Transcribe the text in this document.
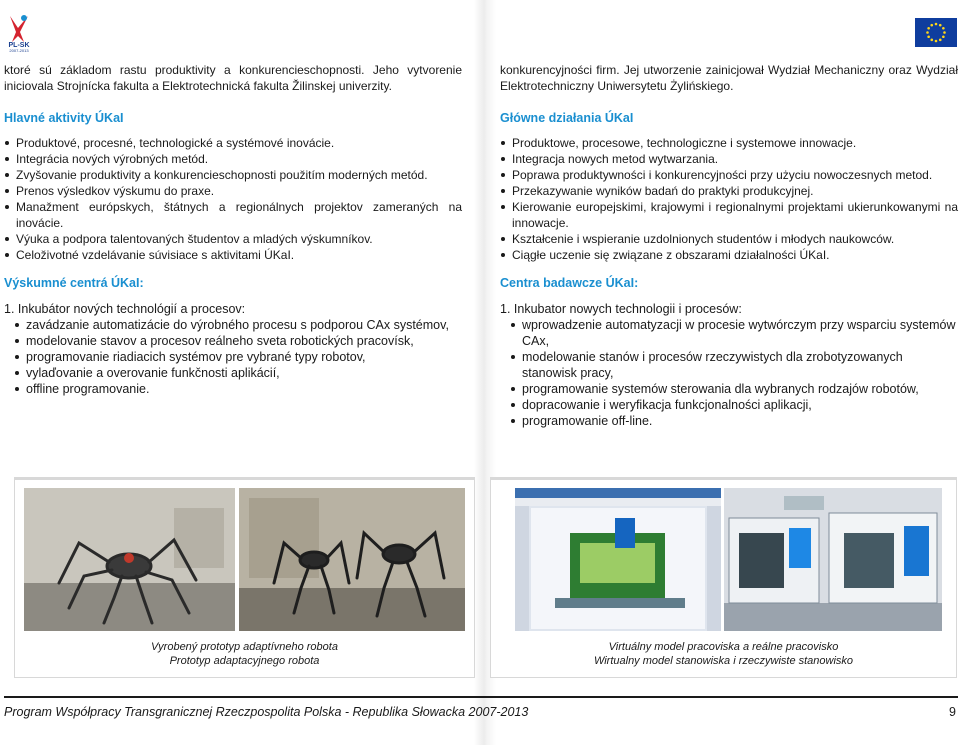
PL-SK
2007-2013

ktoré sú základom rastu produktivity a konkurencieschopnosti. Jeho vytvorenie iniciovala Strojnícka fakulta a Elektrotechnická fakulta Žilinskej univerzity.

Hlavné aktivity ÚKaI

Produktové, procesné, technologické a systémové inovácie.
Integrácia nových výrobných metód.
Zvyšovanie produktivity a konkurencieschopnosti použitím moderných metód.
Prenos výsledkov výskumu do praxe.
Manažment európskych, štátnych a regionálnych projektov zameraných na inovácie.
Výuka a podpora talentovaných študentov a mladých výskumníkov.
Celoživotné vzdelávanie súvisiace s aktivitami ÚKaI.

Výskumné centrá ÚKaI:

1. Inkubátor nových technológií a procesov:

zavádzanie automatizácie do výrobného procesu s podporou CAx systémov,
modelovanie stavov a procesov reálneho sveta robotických pracovísk,
programovanie riadiacich systémov pre vybrané typy robotov,
vylaďovanie a overovanie funkčnosti aplikácií,
offline programovanie.

konkurencyjności firm. Jej utworzenie zainicjował Wydział Mechaniczny oraz Wydział Elektrotechniczny Uniwersytetu Żylińskiego.

Główne działania ÚKaI

Produktowe, procesowe, technologiczne i systemowe innowacje.
Integracja nowych metod wytwarzania.
Poprawa produktywności i konkurencyjności przy użyciu nowoczesnych metod.
Przekazywanie wyników badań do praktyki produkcyjnej.
Kierowanie europejskimi, krajowymi i regionalnymi projektami ukierunkowanymi na innowacje.
Kształcenie i wspieranie uzdolnionych studentów i młodych naukowców.
Ciągłe uczenie się związane z obszarami działalności ÚKaI.

Centra badawcze ÚKaI:

1. Inkubator nowych technologii i procesów:

wprowadzenie automatyzacji w procesie wytwórczym przy wsparciu systemów CAx,
modelowanie stanów i procesów rzeczywistych dla zrobotyzowanych stanowisk pracy,
programowanie systemów sterowania dla wybranych rodzajów robotów,
dopracowanie i weryfikacja funkcjonalności aplikacji,
programowanie off-line.
Vyrobený prototyp adaptívneho robota
Prototyp adaptacyjnego robota
Virtuálny model pracoviska a reálne pracovisko
Wirtualny model stanowiska i rzeczywiste stanowisko
Program Współpracy Transgranicznej Rzeczpospolita Polska - Republika Słowacka 2007-2013	9
